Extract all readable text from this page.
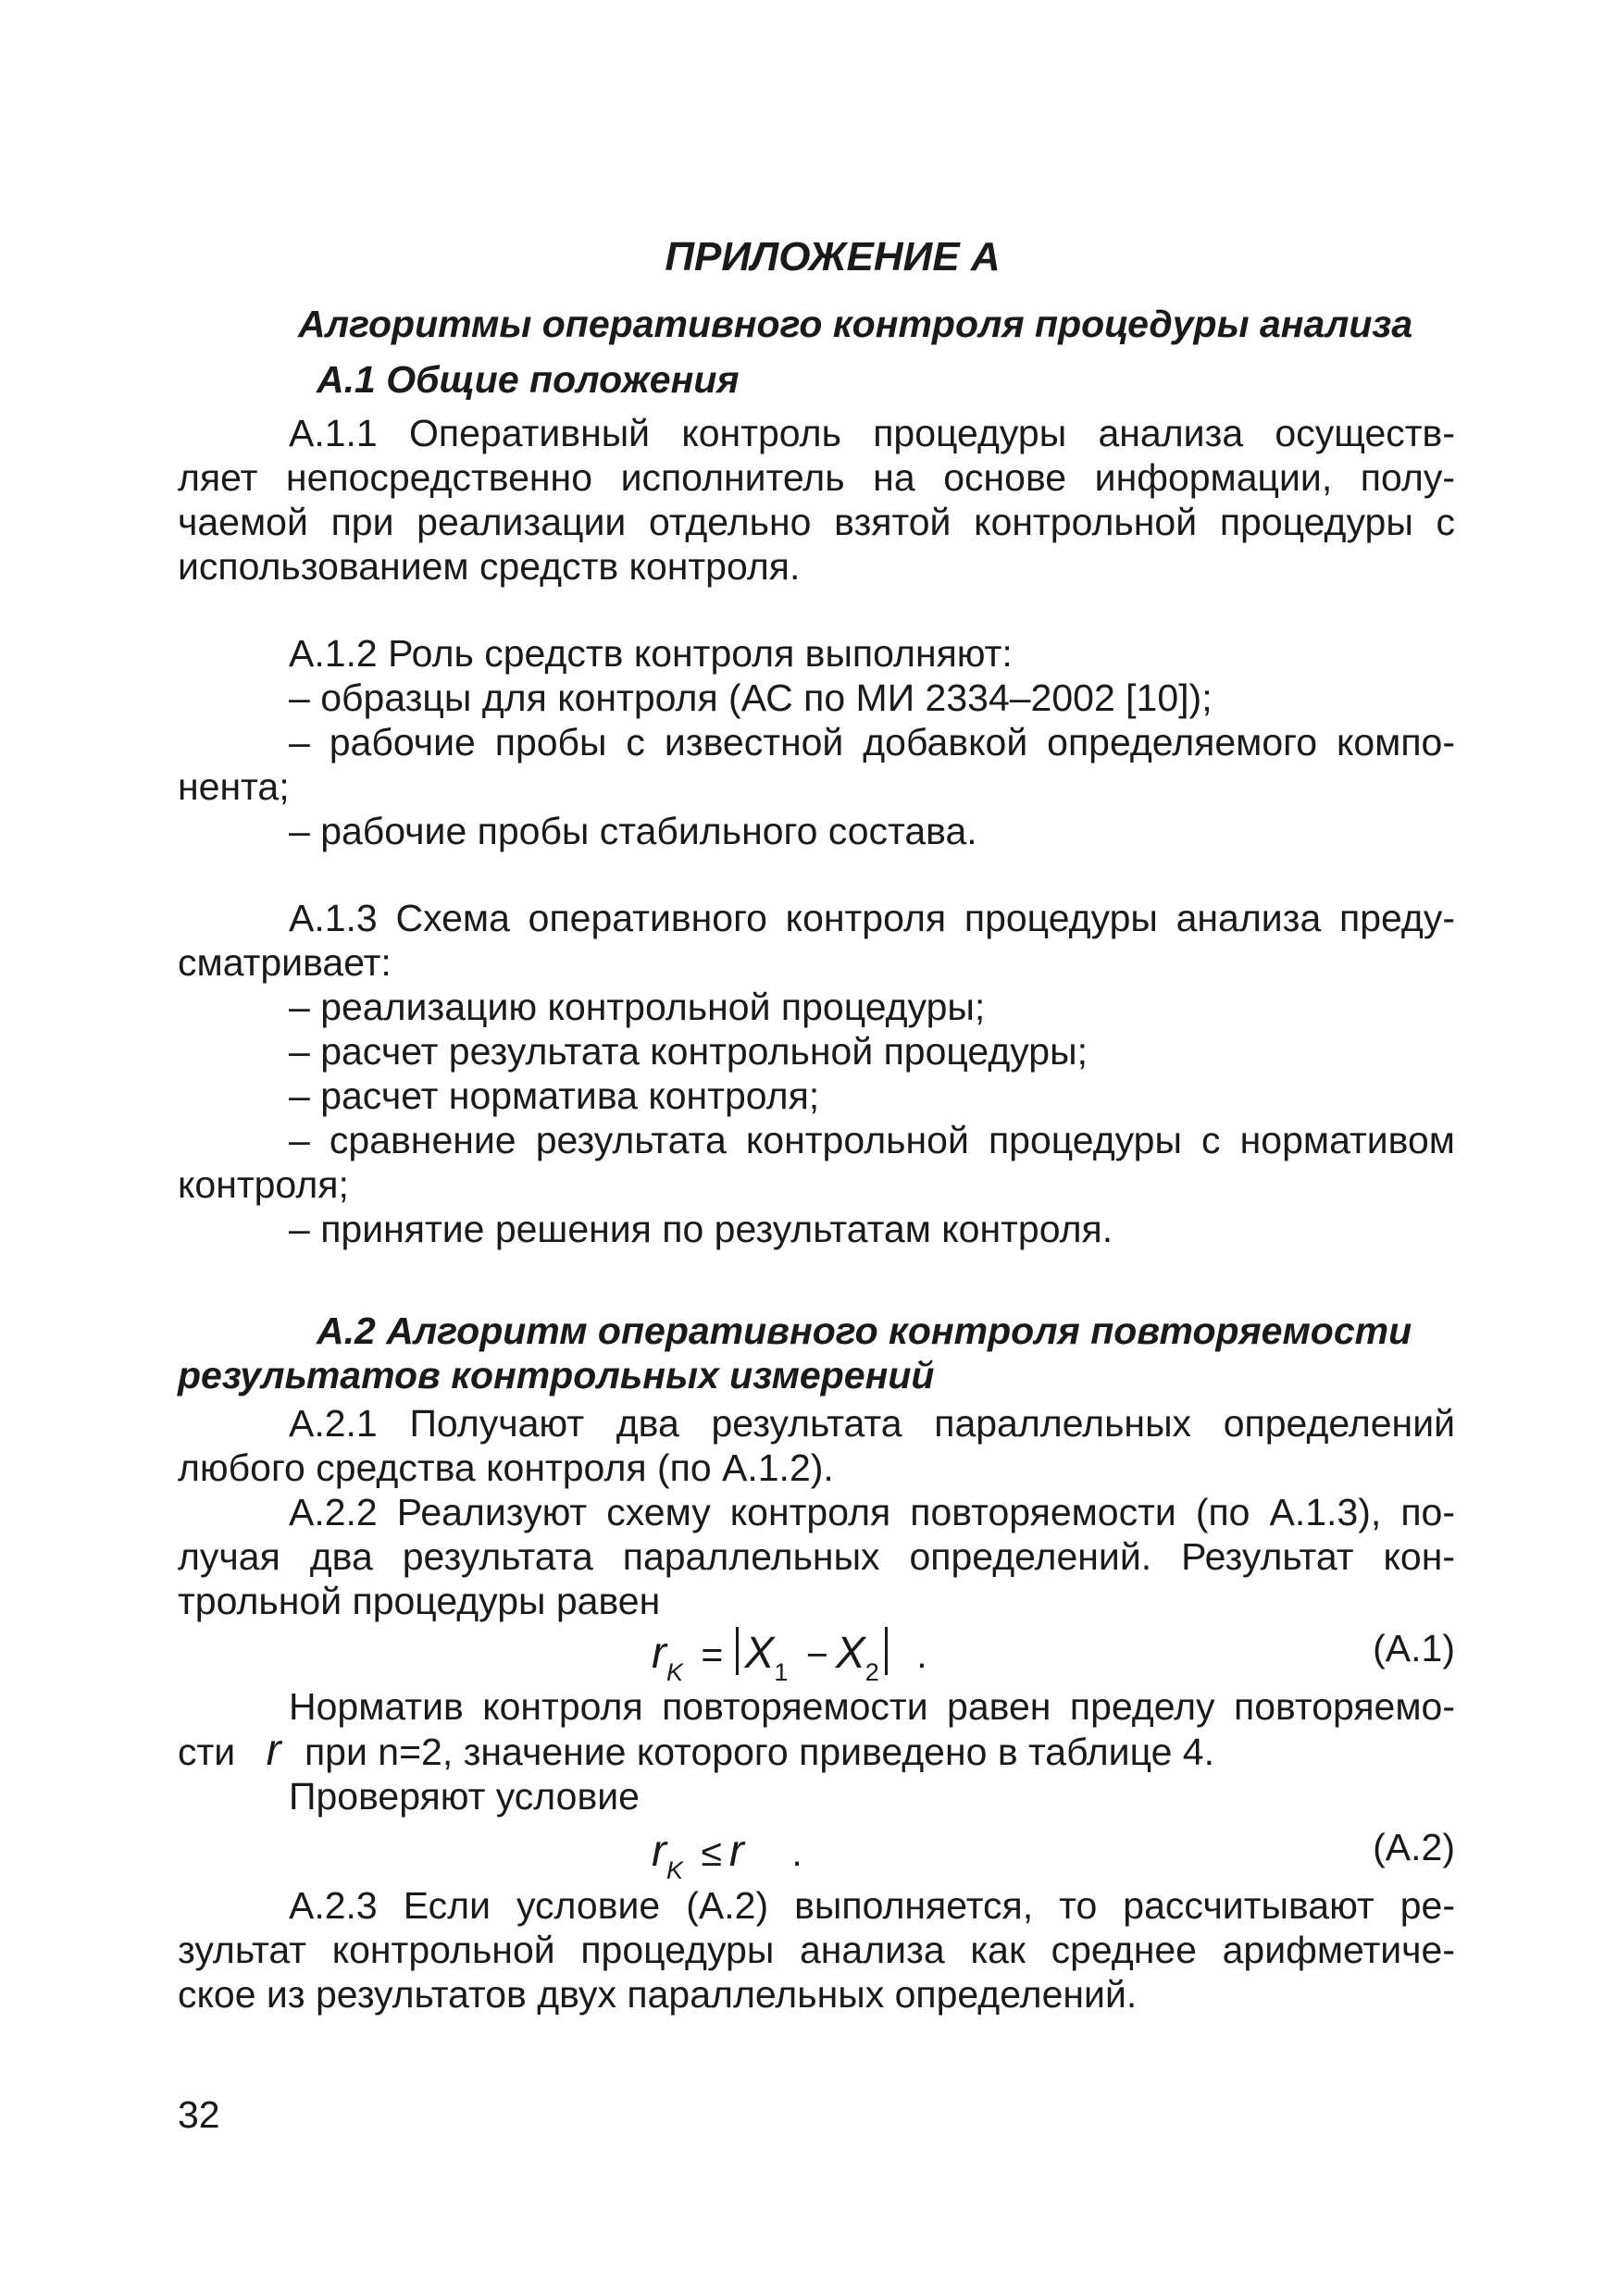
ПРИЛОЖЕНИЕ А
Алгоритмы оперативного контроля процедуры анализа
А.1 Общие положения
А.1.1 Оперативный контроль процедуры анализа осуществ-
ляет непосредственно исполнитель на основе информации, полу-
чаемой при реализации отдельно взятой контрольной процедуры с
использованием средств контроля.
А.1.2 Роль средств контроля выполняют:
– образцы для контроля (АС по МИ 2334–2002 [10]);
– рабочие пробы с известной добавкой определяемого компо-
нента;
– рабочие пробы стабильного состава.
А.1.3 Схема оперативного контроля процедуры анализа преду-
сматривает:
– реализацию контрольной процедуры;
– расчет результата контрольной процедуры;
– расчет норматива контроля;
– сравнение результата контрольной процедуры с нормативом
контроля;
– принятие решения по результатам контроля.
А.2 Алгоритм оперативного контроля повторяемости
результатов контрольных измерений
А.2.1 Получают два результата параллельных определений
любого средства контроля (по А.1.2).
А.2.2 Реализуют схему контроля повторяемости (по А.1.3), по-
лучая два результата параллельных определений. Результат кон-
трольной процедуры равен
$r_K = X_1 - X_2$ .	(А.1)
Норматив контроля повторяемости равен пределу повторяемо-
сти r при n=2, значение которого приведено в таблице 4.
Проверяют условие
$r_K \le r$ .	(А.2)
А.2.3 Если условие (А.2) выполняется, то рассчитывают ре-
зультат контрольной процедуры анализа как среднее арифметиче-
ское из результатов двух параллельных определений.
32
